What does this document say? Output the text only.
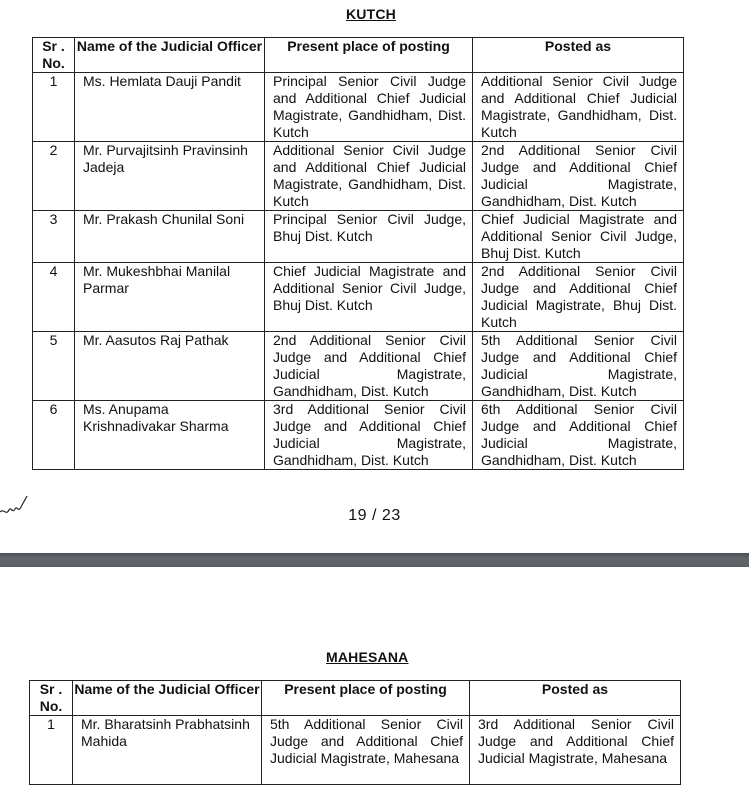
KUTCH
Sr . No.	Name of the Judicial Officer	Present place of posting	Posted as
1	Ms. Hemlata Dauji Pandit	Principal Senior Civil Judge and Additional Chief Judicial Magistrate, Gandhidham, Dist. Kutch	Additional Senior Civil Judge and Additional Chief Judicial Magistrate, Gandhidham, Dist. Kutch
2	Mr. Purvajitsinh Pravinsinh Jadeja	Additional Senior Civil Judge and Additional Chief Judicial Magistrate, Gandhidham, Dist. Kutch	2nd Additional Senior Civil Judge and Additional Chief Judicial Magistrate, Gandhidham, Dist. Kutch
3	Mr. Prakash Chunilal Soni	Principal Senior Civil Judge, Bhuj Dist. Kutch	Chief Judicial Magistrate and Additional Senior Civil Judge, Bhuj Dist. Kutch
4	Mr. Mukeshbhai Manilal Parmar	Chief Judicial Magistrate and Additional Senior Civil Judge, Bhuj Dist. Kutch	2nd Additional Senior Civil Judge and Additional Chief Judicial Magistrate, Bhuj Dist. Kutch
5	Mr. Aasutos Raj Pathak	2nd Additional Senior Civil Judge and Additional Chief Judicial Magistrate, Gandhidham, Dist. Kutch	5th Additional Senior Civil Judge and Additional Chief Judicial Magistrate, Gandhidham, Dist. Kutch
6	Ms. Anupama Krishnadivakar Sharma	3rd Additional Senior Civil Judge and Additional Chief Judicial Magistrate, Gandhidham, Dist. Kutch	6th Additional Senior Civil Judge and Additional Chief Judicial Magistrate, Gandhidham, Dist. Kutch
19 / 23
MAHESANA
Sr . No.	Name of the Judicial Officer	Present place of posting	Posted as
1	Mr. Bharatsinh Prabhatsinh Mahida	5th Additional Senior Civil Judge and Additional Chief Judicial Magistrate, Mahesana	3rd Additional Senior Civil Judge and Additional Chief Judicial Magistrate, Mahesana
